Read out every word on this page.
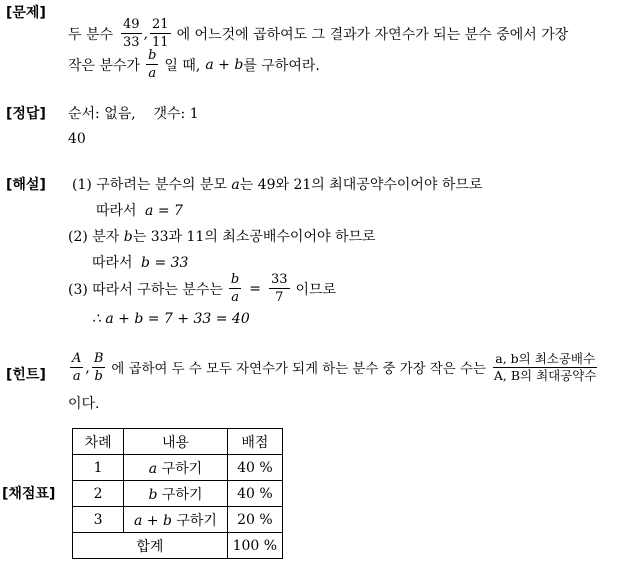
[문제]
두 분수 $\frac{49}{33}$ , $\frac{21}{11}$ 에 어느것에 곱하여도 그 결과가 자연수가 되는 분수 중에서 가장
작은 분수가 $\frac{b}{a}$ 일 때, a + b 를 구하여라.
[정답] 순서: 없음,    갯수: 1
40
[해설] (1) 구하려는 분수의 분모 a는 49와 21의 최대공약수이어야 하므로
따라서 a = 7
(2) 분자 b는 33과 11의 최소공배수이어야 하므로
따라서 b = 33
(3) 따라서 구하는 분수는 $\frac{b}{a} = \frac{33}{7}$ 이므로
∴ a + b = 7 + 33 = 40
[힌트] $\frac{A}{a}$ , $\frac{B}{b}$ 에 곱하여 두 수 모두 자연수가 되게 하는 분수 중 가장 작은 수는 $\frac{\text{a, b의 최소공배수}}{\text{A, B의 최대공약수}}$
이다.
[채점표]
차례	내용	배점
1	a 구하기	40 %
2	b 구하기	40 %
3	a + b 구하기	20 %
합계		100 %
